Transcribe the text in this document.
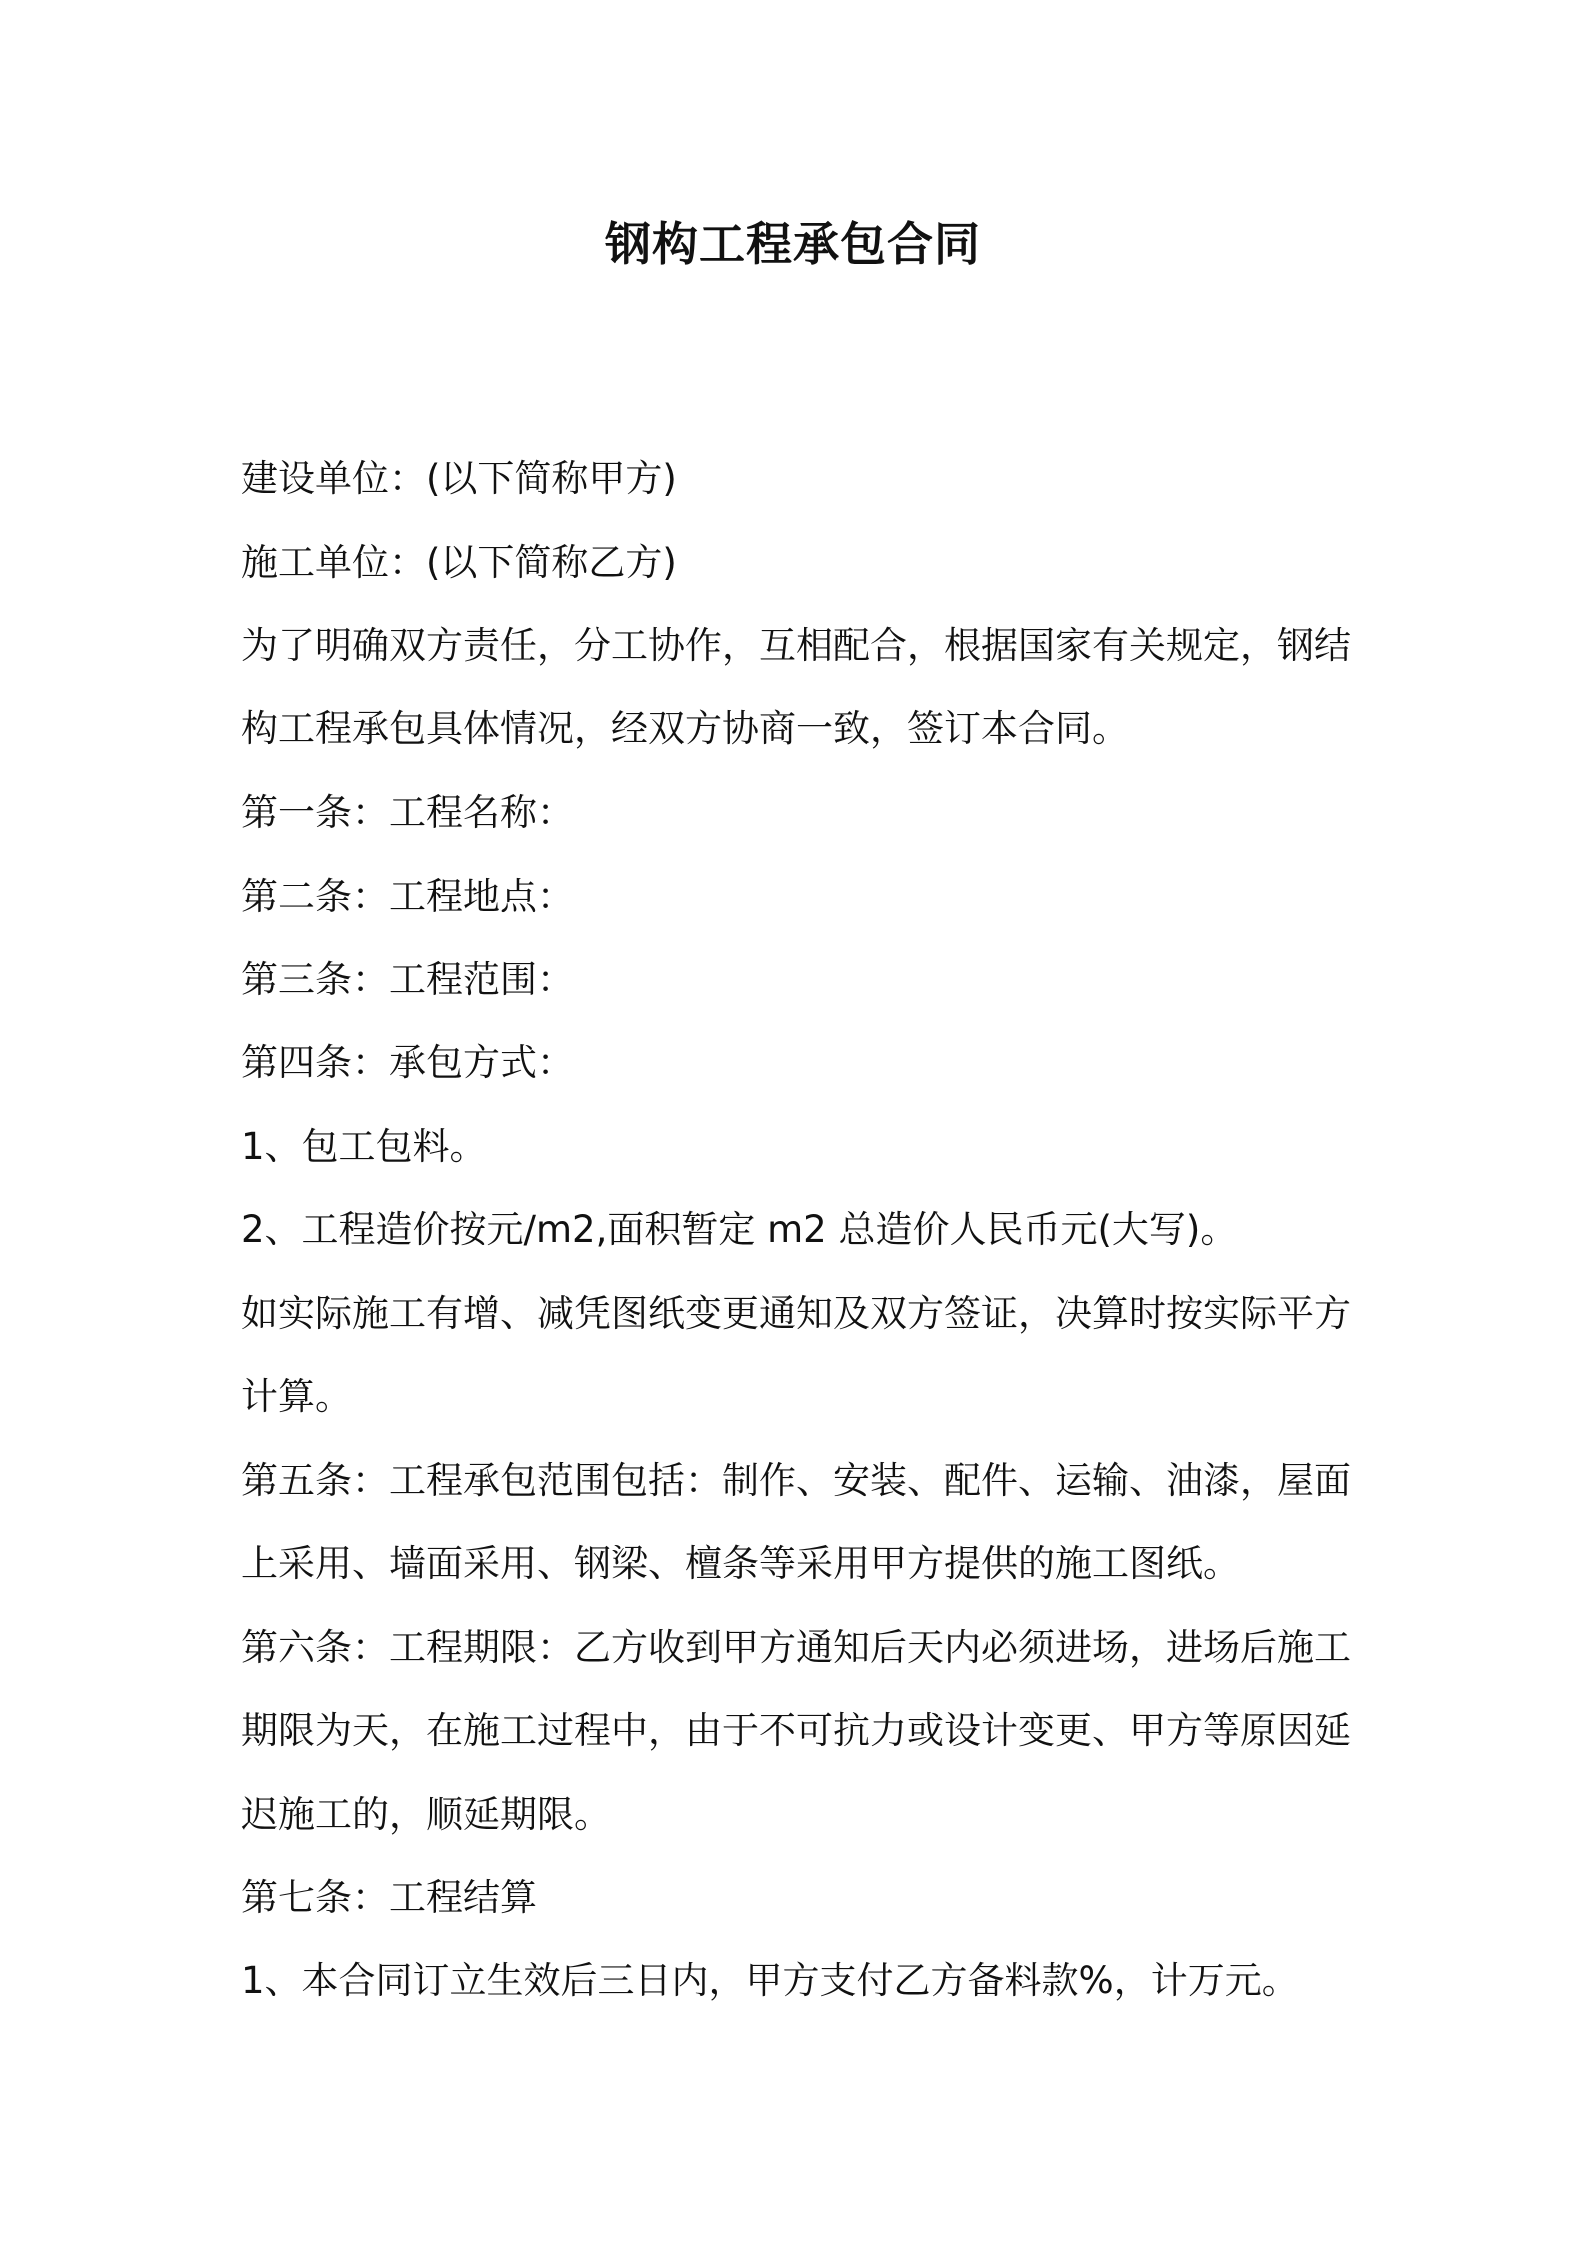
钢构工程承包合同
建设单位：(以下简称甲方)
施工单位：(以下简称乙方)
为了明确双方责任，分工协作，互相配合，根据国家有关规定，钢结
构工程承包具体情况，经双方协商一致，签订本合同。
第一条：工程名称：
第二条：工程地点：
第三条：工程范围：
第四条：承包方式：
1、包工包料。
2、工程造价按元/m2,面积暂定 m2 总造价人民币元(大写)。
如实际施工有增、减凭图纸变更通知及双方签证，决算时按实际平方
计算。
第五条：工程承包范围包括：制作、安装、配件、运输、油漆，屋面
上采用、墙面采用、钢梁、檀条等采用甲方提供的施工图纸。
第六条：工程期限：乙方收到甲方通知后天内必须进场，进场后施工
期限为天，在施工过程中，由于不可抗力或设计变更、甲方等原因延
迟施工的，顺延期限。
第七条：工程结算
1、本合同订立生效后三日内，甲方支付乙方备料款%，计万元。
